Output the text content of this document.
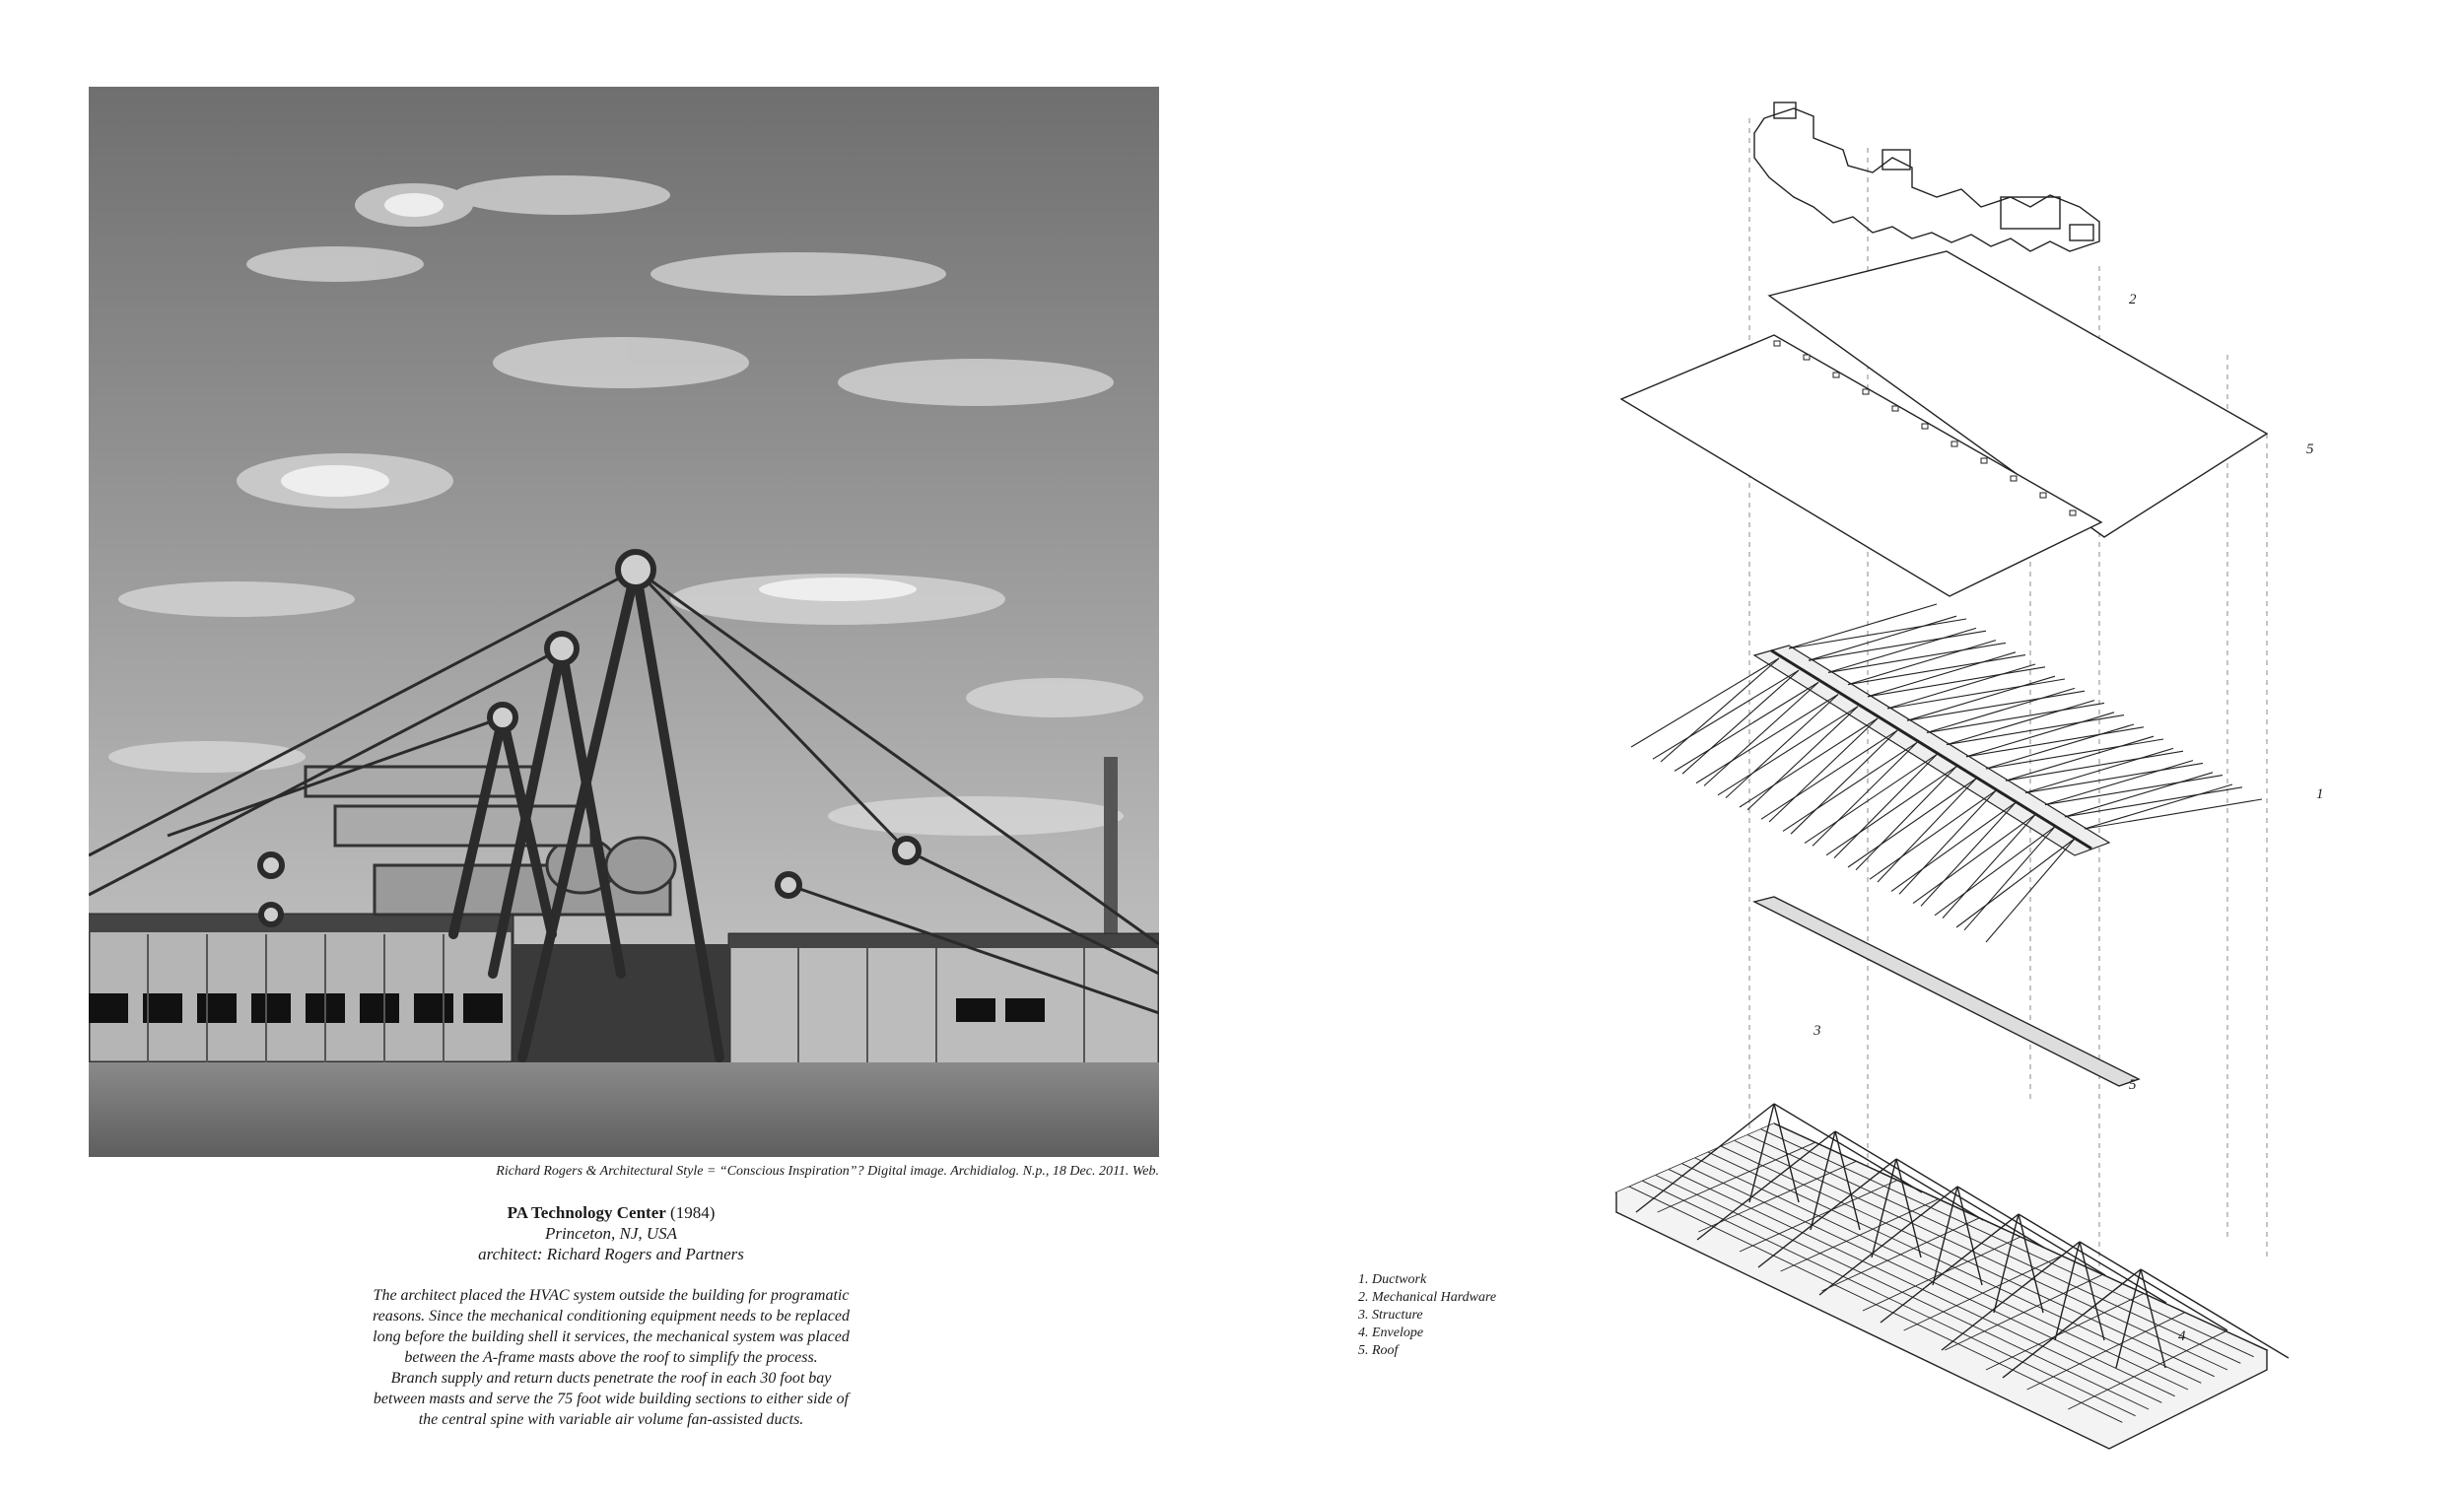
Richard Rogers & Architectural Style = “Conscious Inspiration”? Digital image. Archidialog. N.p., 18 Dec. 2011. Web.
PA Technology Center (1984)
Princeton, NJ, USA
architect: Richard Rogers and Partners
The architect placed the HVAC system outside the building for programatic
reasons. Since the mechanical conditioning equipment needs to be replaced
long before the building shell it services, the mechanical system was placed
between the A-frame masts above the roof to simplify the process.
Branch supply and return ducts penetrate the roof in each 30 foot bay
between masts and serve the 75 foot wide building sections to either side of
the central spine with variable air volume fan-assisted ducts.
2
5
1
3
5
4
1. Ductwork
2. Mechanical Hardware
3. Structure
4. Envelope
5. Roof
